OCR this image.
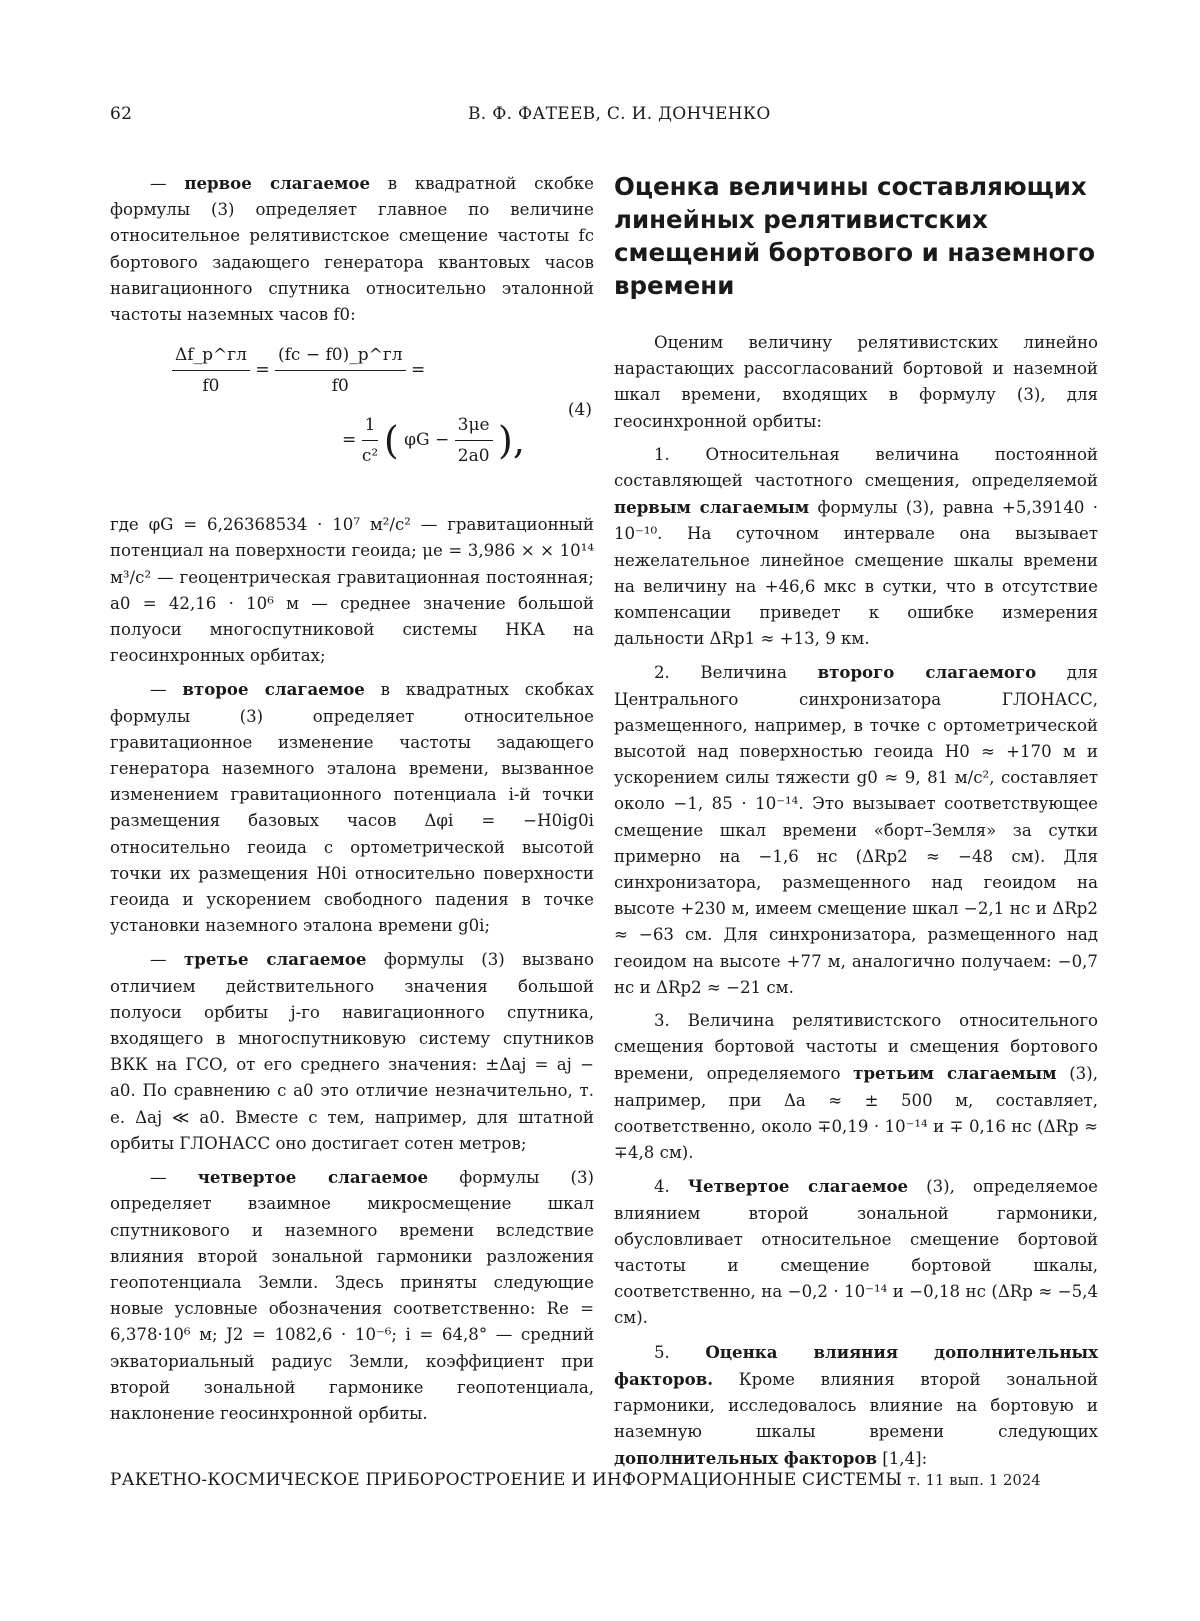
62	В. Ф. ФАТЕЕВ, С. И. ДОНЧЕНКО

— первое слагаемое в квадратной скобке формулы (3) определяет главное по величине относительное релятивистское смещение частоты fc бортового задающего генератора квантовых часов навигационного спутника относительно эталонной частоты наземных часов f0:

$\frac{\Delta f\_р\^{}гл}{f0} = \frac{(fc - f0)\_р\^{}гл}{f0}$ =
= $\frac{1}{\text{c²}}$ ( $\varphi G - \frac{3\mu e}{2a0}$ ),
(4)

где φG = 6,26368534 · 10⁷ м²/с² — гравитационный потенциал на поверхности геоида; μe = 3,986 × × 10¹⁴ м³/с² — геоцентрическая гравитационная постоянная; a0 = 42,16 · 10⁶ м — среднее значение большой полуоси многоспутниковой системы НКА на геосинхронных орбитах;

— второе слагаемое в квадратных скобках формулы (3) определяет относительное гравитационное изменение частоты задающего генератора наземного эталона времени, вызванное изменением гравитационного потенциала i-й точки размещения базовых часов Δφi = −H0ig0i относительно геоида с ортометрической высотой точки их размещения H0i относительно поверхности геоида и ускорением свободного падения в точке установки наземного эталона времени g0i;

— третье слагаемое формулы (3) вызвано отличием действительного значения большой полуоси орбиты j-го навигационного спутника, входящего в многоспутниковую систему спутников ВКК на ГСО, от его среднего значения: ±Δaj = aj − a0. По сравнению с a0 это отличие незначительно, т. е. Δaj ≪ a0. Вместе с тем, например, для штатной орбиты ГЛОНАСС оно достигает сотен метров;

— четвертое слагаемое формулы (3) определяет взаимное микросмещение шкал спутникового и наземного времени вследствие влияния второй зональной гармоники разложения геопотенциала Земли. Здесь приняты следующие новые условные обозначения соответственно: Re = 6,378·10⁶ м; J2 = 1082,6 · 10⁻⁶; i = 64,8° — средний экваториальный радиус Земли, коэффициент при второй зональной гармонике геопотенциала, наклонение геосинхронной орбиты.

Оценка величины составляющих линейных релятивистских смещений бортового и наземного времени

Оценим величину релятивистских линейно нарастающих рассогласований бортовой и наземной шкал времени, входящих в формулу (3), для геосинхронной орбиты:

1. Относительная величина постоянной составляющей частотного смещения, определяемой первым слагаемым формулы (3), равна +5,39140 · 10⁻¹⁰. На суточном интервале она вызывает нежелательное линейное смещение шкалы времени на величину на +46,6 мкс в сутки, что в отсутствие компенсации приведет к ошибке измерения дальности ΔRp1 ≈ +13, 9 км.

2. Величина второго слагаемого для Центрального синхронизатора ГЛОНАСС, размещенного, например, в точке с ортометрической высотой над поверхностью геоида H0 ≈ +170 м и ускорением силы тяжести g0 ≈ 9, 81 м/с², составляет около −1, 85 · 10⁻¹⁴. Это вызывает соответствующее смещение шкал времени «борт–Земля» за сутки примерно на −1,6 нс (ΔRp2 ≈ −48 см). Для синхронизатора, размещенного над геоидом на высоте +230 м, имеем смещение шкал −2,1 нс и ΔRp2 ≈ −63 см. Для синхронизатора, размещенного над геоидом на высоте +77 м, аналогично получаем: −0,7 нс и ΔRp2 ≈ −21 см.

3. Величина релятивистского относительного смещения бортовой частоты и смещения бортового времени, определяемого третьим слагаемым (3), например, при Δa ≈ ± 500 м, составляет, соответственно, около ∓0,19 · 10⁻¹⁴ и ∓ 0,16 нс (ΔRp ≈ ∓4,8 см).

4. Четвертое слагаемое (3), определяемое влиянием второй зональной гармоники, обусловливает относительное смещение бортовой частоты и смещение бортовой шкалы, соответственно, на −0,2 · 10⁻¹⁴ и −0,18 нс (ΔRp ≈ −5,4 см).

5. Оценка влияния дополнительных факторов. Кроме влияния второй зональной гармоники, исследовалось влияние на бортовую и наземную шкалы времени следующих дополнительных факторов [1,4]:

РАКЕТНО-КОСМИЧЕСКОЕ ПРИБОРОСТРОЕНИЕ И ИНФОРМАЦИОННЫЕ СИСТЕМЫ т. 11 вып. 1 2024
